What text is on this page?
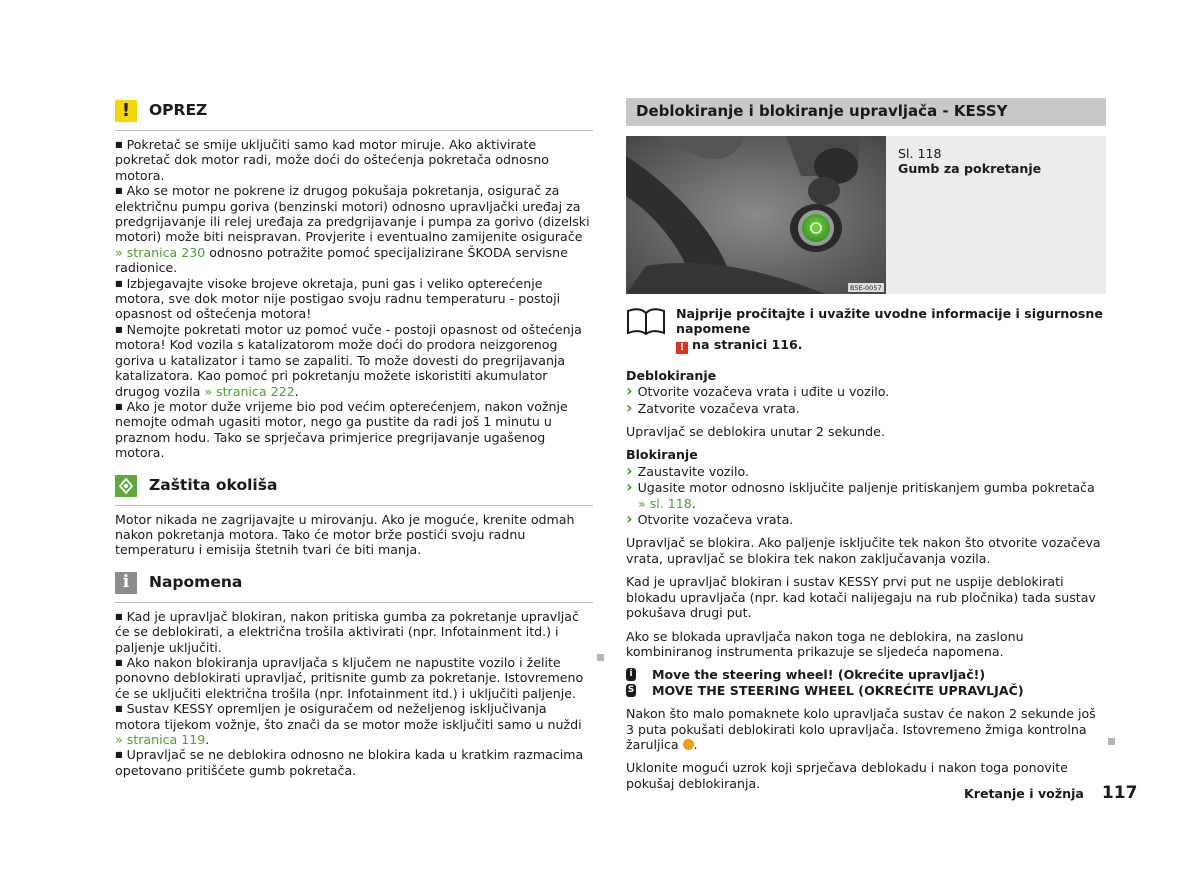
! OPREZ

■ Pokretač se smije uključiti samo kad motor miruje. Ako aktivirate pokretač dok motor radi, može doći do oštećenja pokretača odnosno motora.

■ Ako se motor ne pokrene iz drugog pokušaja pokretanja, osigurač za električnu pumpu goriva (benzinski motori) odnosno upravljački uređaj za predgrijavanje ili relej uređaja za predgrijavanje i pumpa za gorivo (dizelski motori) može biti neispravan. Provjerite i eventualno zamijenite osigurače » stranica 230 odnosno potražite pomoć specijalizirane ŠKODA servisne radionice.

■ Izbjegavajte visoke brojeve okretaja, puni gas i veliko opterećenje motora, sve dok motor nije postigao svoju radnu temperaturu - postoji opasnost od oštećenja motora!

■ Nemojte pokretati motor uz pomoć vuče - postoji opasnost od oštećenja motora! Kod vozila s katalizatorom može doći do prodora neizgorenog goriva u katalizator i tamo se zapaliti. To može dovesti do pregrijavanja katalizatora. Kao pomoć pri pokretanju možete iskoristiti akumulator drugog vozila » stranica 222.

■ Ako je motor duže vrijeme bio pod većim opterećenjem, nakon vožnje nemojte odmah ugasiti motor, nego ga pustite da radi još 1 minutu u praznom hodu. Tako se sprječava primjerice pregrijavanje ugašenog motora.

Zaštita okoliša

Motor nikada ne zagrijavajte u mirovanju. Ako je moguće, krenite odmah nakon pokretanja motora. Tako će motor brže postići svoju radnu temperaturu i emisija štetnih tvari će biti manja.

i Napomena

■ Kad je upravljač blokiran, nakon pritiska gumba za pokretanje upravljač će se deblokirati, a električna trošila aktivirati (npr. Infotainment itd.) i paljenje uključiti.

■ Ako nakon blokiranja upravljača s ključem ne napustite vozilo i želite ponovno deblokirati upravljač, pritisnite gumb za pokretanje. Istovremeno će se uključiti električna trošila (npr. Infotainment itd.) i uključiti paljenje.

■ Sustav KESSY opremljen je osiguračem od neželjenog isključivanja motora tijekom vožnje, što znači da se motor može isključiti samo u nuždi » stranica 119.

■ Upravljač se ne deblokira odnosno ne blokira kada u kratkim razmacima opetovano pritišćete gumb pokretača.

Deblokiranje i blokiranje upravljača - KESSY
B5E-0057
Sl. 118
Gumb za pokretanje
Najprije pročitajte i uvažite uvodne informacije i sigurnosne napomene
! na stranici 116.
Deblokiranje
› Otvorite vozačeva vrata i uđite u vozilo.
› Zatvorite vozačeva vrata.

Upravljač se deblokira unutar 2 sekunde.

Blokiranje
› Zaustavite vozilo.
› Ugasite motor odnosno isključite paljenje pritiskanjem gumba pokretača
» sl. 118.
› Otvorite vozačeva vrata.

Upravljač se blokira. Ako paljenje isključite tek nakon što otvorite vozačeva vrata, upravljač se blokira tek nakon zaključavanja vozila.

Kad je upravljač blokiran i sustav KESSY prvi put ne uspije deblokirati blokadu upravljača (npr. kad kotači nalijegaju na rub pločnika) tada sustav pokušava drugi put.

Ako se blokada upravljača nakon toga ne deblokira, na zaslonu kombiniranog instrumenta prikazuje se sljedeća napomena.

i Move the steering wheel! (Okrećite upravljač!)
S MOVE THE STEERING WHEEL (OKREĆITE UPRAVLJAČ)

Nakon što malo pomaknete kolo upravljača sustav će nakon 2 sekunde još 3 puta pokušati deblokirati kolo upravljača. Istovremeno žmiga kontrolna žaruljica .

Uklonite mogući uzrok koji sprječava deblokadu i nakon toga ponovite pokušaj deblokiranja.

Kretanje i vožnja 117
